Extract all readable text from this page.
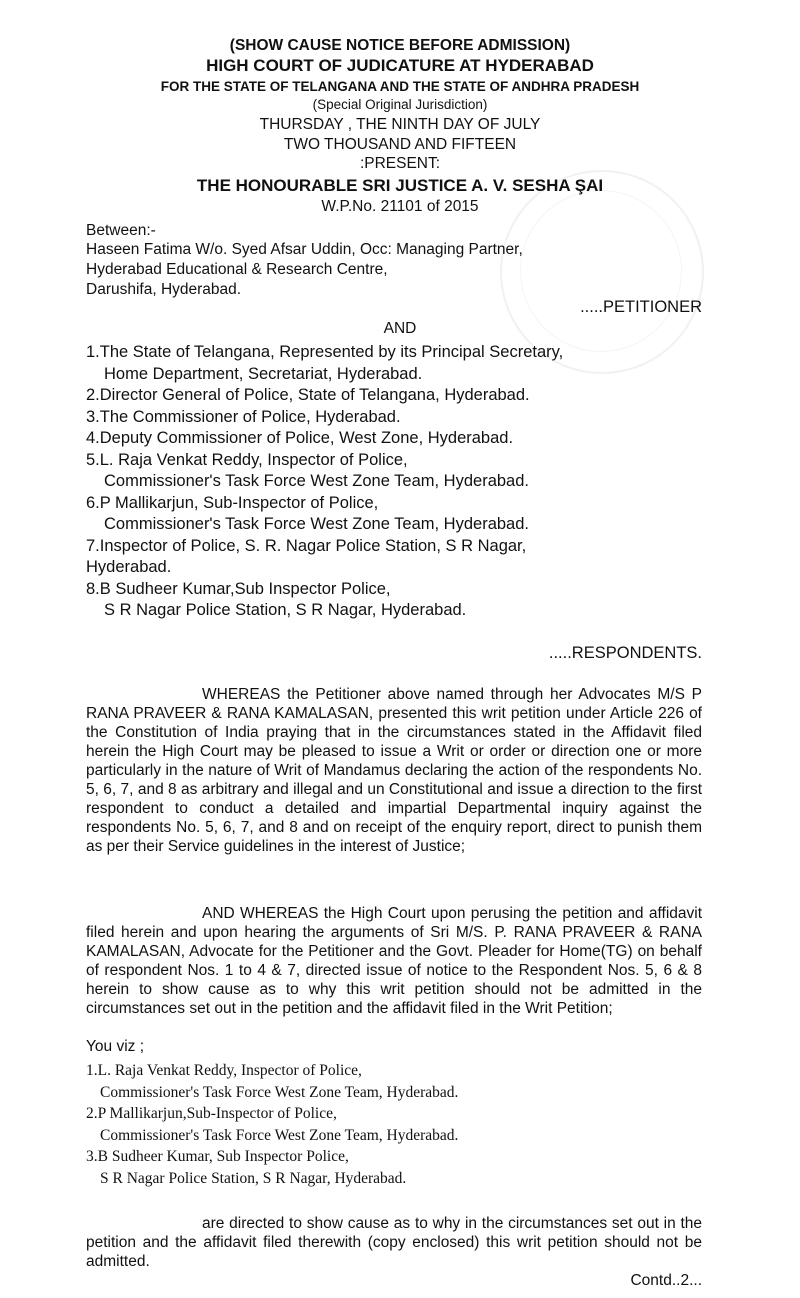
(SHOW CAUSE NOTICE BEFORE ADMISSION)
HIGH COURT OF JUDICATURE AT HYDERABAD
FOR THE STATE OF TELANGANA AND THE STATE OF ANDHRA PRADESH
(Special Original Jurisdiction)
THURSDAY , THE NINTH DAY OF JULY
TWO THOUSAND AND FIFTEEN
:PRESENT:
THE HONOURABLE SRI JUSTICE A. V. SESHA ŞAI
W.P.No. 21101 of 2015
Between:-
Haseen Fatima W/o. Syed Afsar Uddin, Occ: Managing Partner,
Hyderabad Educational & Research Centre,
Darushifa, Hyderabad.
.....PETITIONER
AND
1.The State of Telangana, Represented by its Principal Secretary,
Home Department, Secretariat, Hyderabad.
2.Director General of Police, State of Telangana, Hyderabad.
3.The Commissioner of Police, Hyderabad.
4.Deputy Commissioner of Police, West Zone, Hyderabad.
5.L. Raja Venkat Reddy, Inspector of Police,
Commissioner's Task Force West Zone Team, Hyderabad.
6.P Mallikarjun, Sub-Inspector of Police,
Commissioner's Task Force West Zone Team, Hyderabad.
7.Inspector of Police, S. R. Nagar Police Station, S R Nagar,
Hyderabad.
8.B Sudheer Kumar,Sub Inspector Police,
S R Nagar Police Station, S R Nagar, Hyderabad.
.....RESPONDENTS.
WHEREAS the Petitioner above named through her Advocates M/S P RANA PRAVEER & RANA KAMALASAN, presented this writ petition under Article 226 of the Constitution of India praying that in the circumstances stated in the Affidavit filed herein the High Court may be pleased to issue a Writ or order or direction one or more particularly in the nature of Writ of Mandamus declaring the action of the respondents No. 5, 6, 7, and 8 as arbitrary and illegal and un Constitutional and issue a direction to the first respondent to conduct a detailed and impartial Departmental inquiry against the respondents No. 5, 6, 7, and 8 and on receipt of the enquiry report, direct to punish them as per their Service guidelines in the interest of Justice;
AND WHEREAS the High Court upon perusing the petition and affidavit filed herein and upon hearing the arguments of Sri M/S. P. RANA PRAVEER & RANA KAMALASAN, Advocate for the Petitioner and the Govt. Pleader for Home(TG) on behalf of respondent Nos. 1 to 4 & 7, directed issue of notice to the Respondent Nos. 5, 6 & 8 herein to show cause as to why this writ petition should not be admitted in the circumstances set out in the petition and the affidavit filed in the Writ Petition;
You viz ;
1.L. Raja Venkat Reddy, Inspector of Police,
Commissioner's Task Force West Zone Team, Hyderabad.
2.P Mallikarjun,Sub-Inspector of Police,
Commissioner's Task Force West Zone Team, Hyderabad.
3.B Sudheer Kumar, Sub Inspector Police,
S R Nagar Police Station, S R Nagar, Hyderabad.
are directed to show cause as to why in the circumstances set out in the petition and the affidavit filed therewith (copy enclosed) this writ petition should not be admitted.
Contd..2...
